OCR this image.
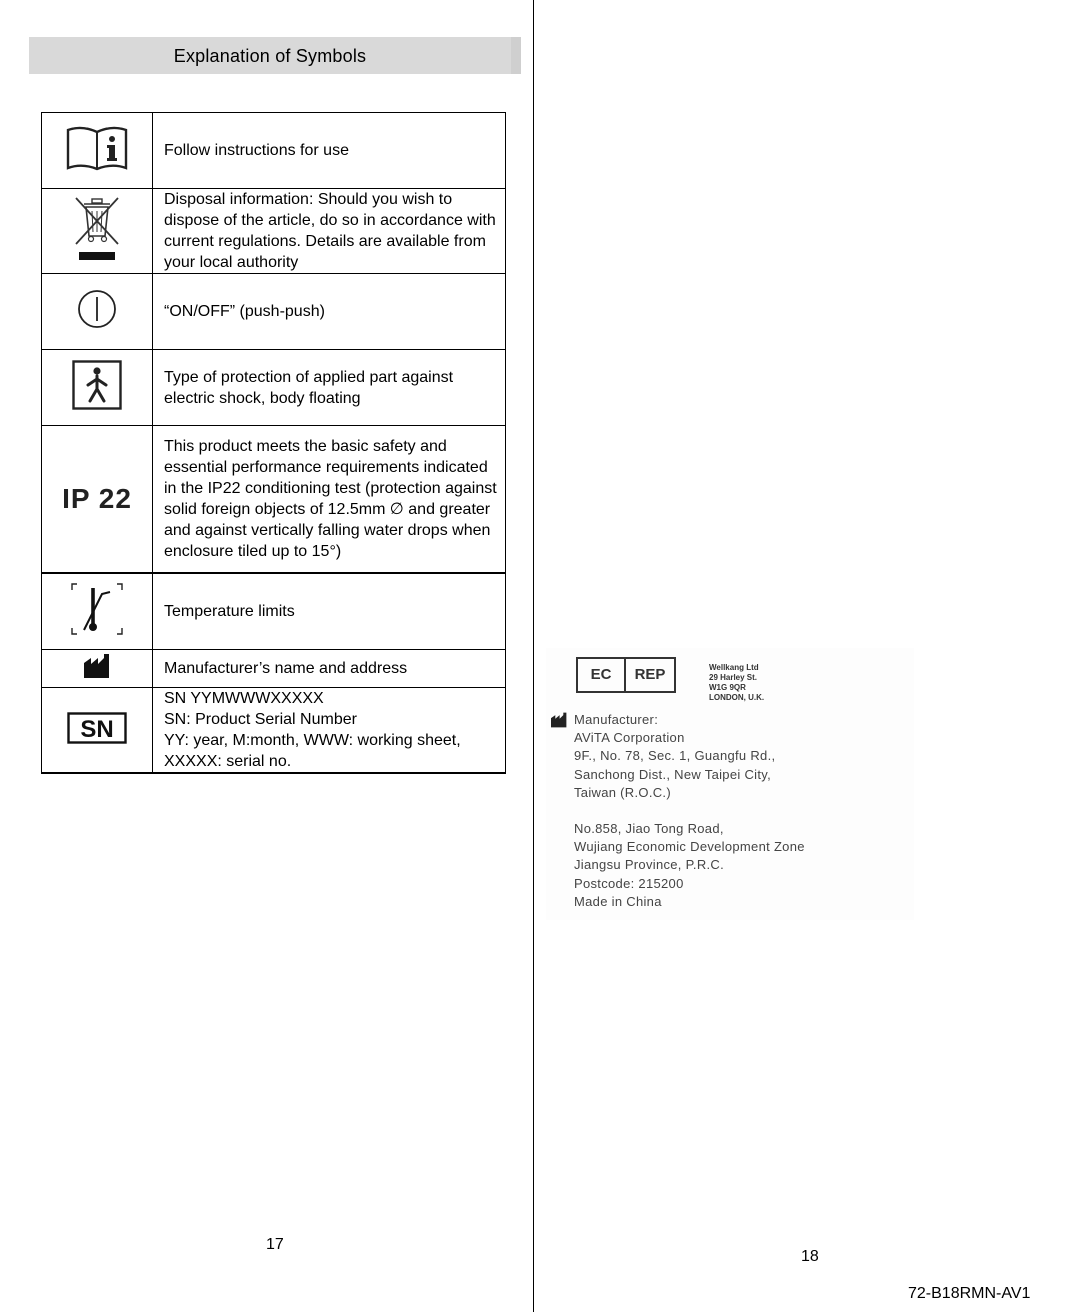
Explanation of Symbols
	Follow instructions for use
	Disposal information: Should you wish to dispose of the article, do so in accordance with current regulations. Details are available from your local authority
	“ON/OFF” (push-push)
	Type of protection of applied part against electric shock, body floating
IP 22	This product meets the basic safety and essential performance requirements indicated in the IP22 conditioning test (protection against solid foreign objects of 12.5mm ∅ and greater and against vertically falling water drops when enclosure tiled up to 15°)
	Temperature limits
	Manufacturer’s name and address

SN	SN YYMWWWXXXXX
SN: Product Serial Number
YY: year, M:month, WWW: working sheet,
XXXXX: serial no.
17
EC	REP	Wellkang Ltd
29 Harley St.
W1G 9QR
LONDON, U.K.
Manufacturer:
AViTA Corporation
9F., No. 78, Sec. 1, Guangfu Rd.,
Sanchong Dist., New Taipei City,
Taiwan (R.O.C.)
No.858, Jiao Tong Road,
Wujiang Economic Development Zone
Jiangsu Province, P.R.C.
Postcode: 215200
Made in China
18
72-B18RMN-AV1
